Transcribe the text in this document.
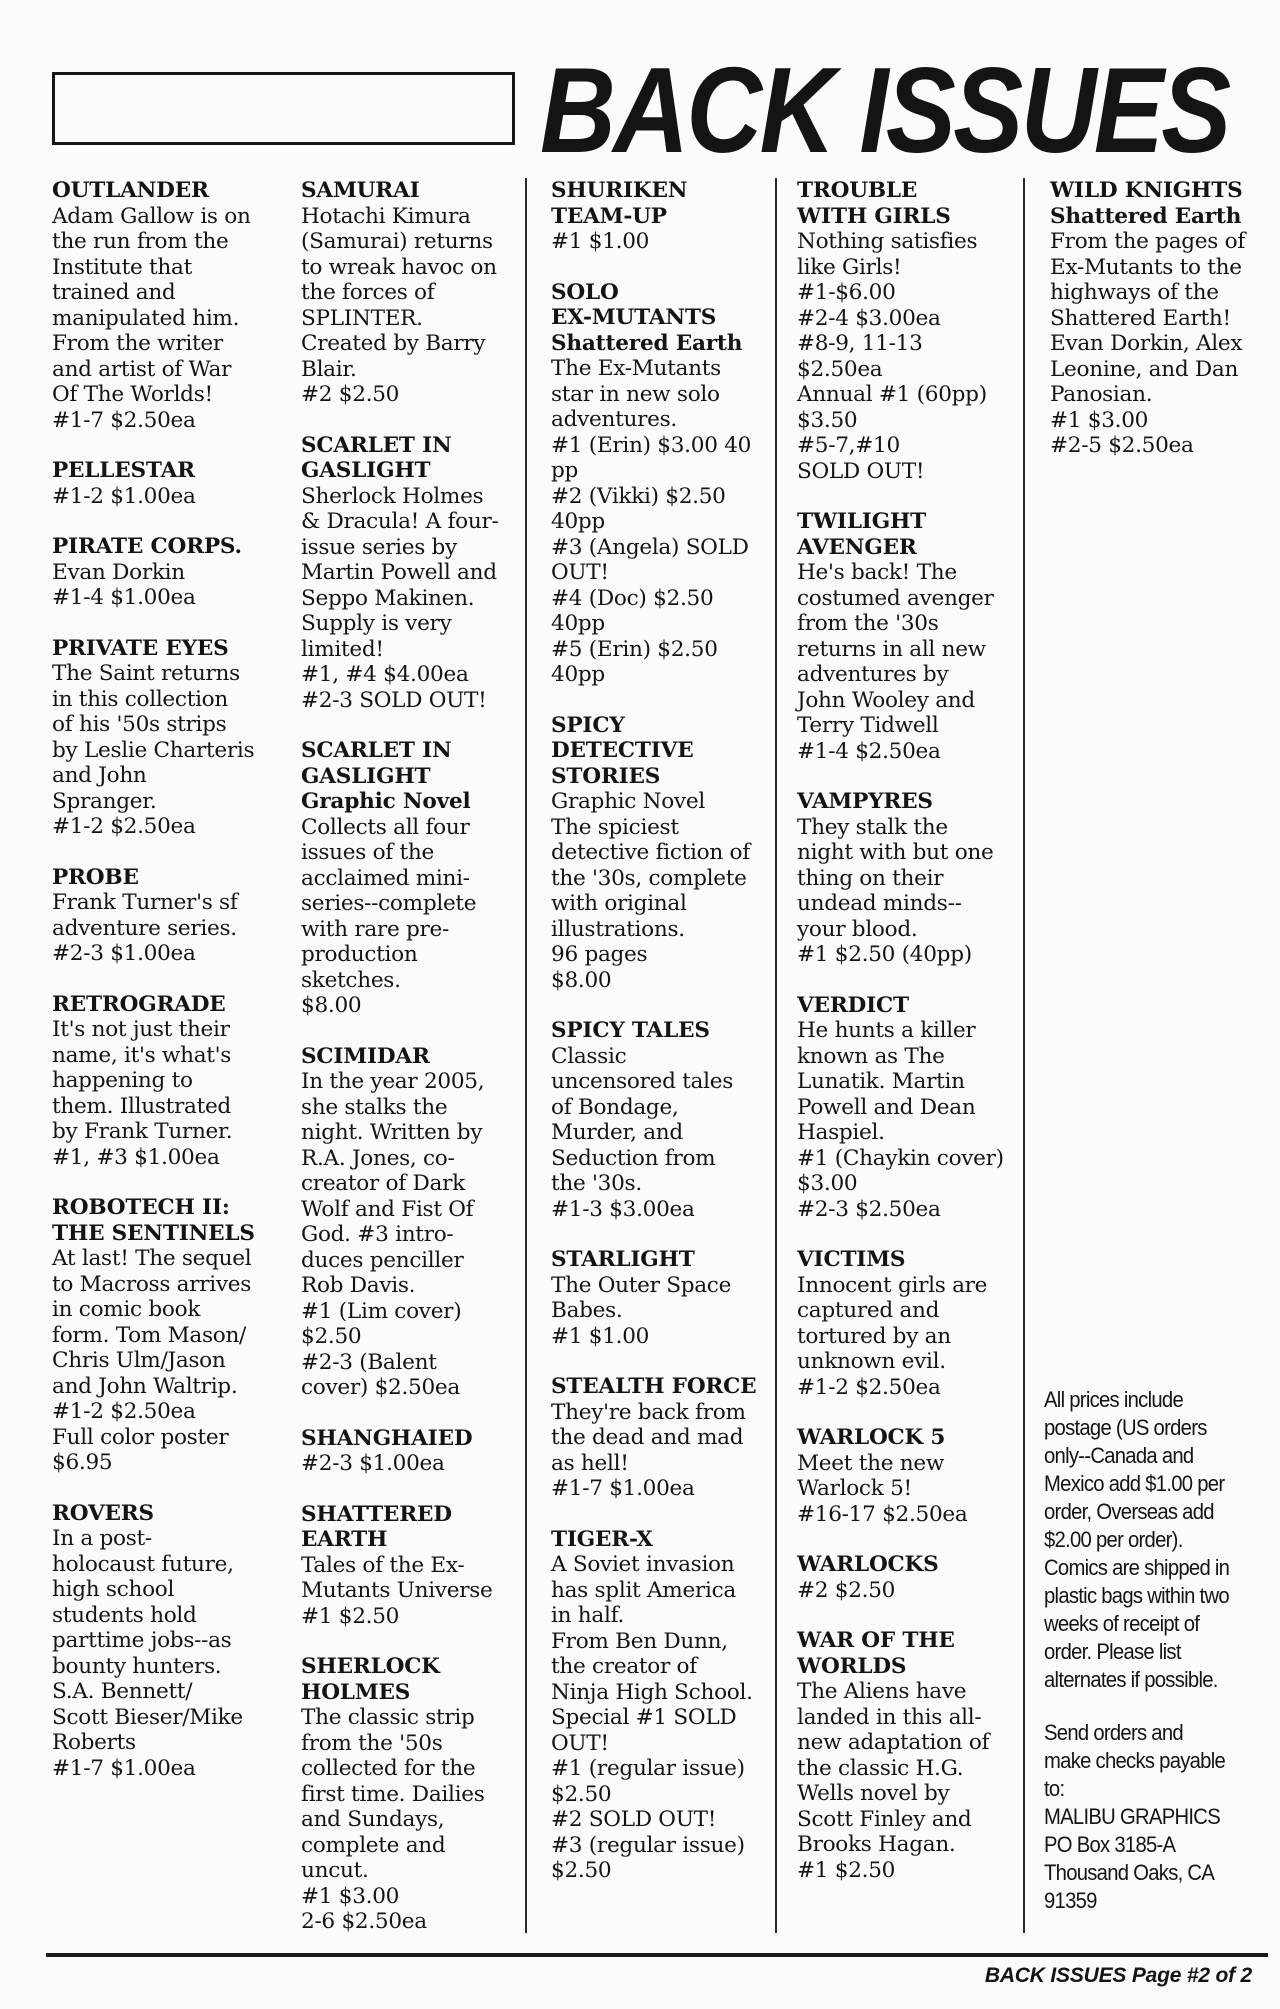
BACK ISSUES
OUTLANDER
Adam Gallow is on
the run from the
Institute that
trained and
manipulated him.
From the writer
and artist of War
Of The Worlds!
#1-7 $2.50ea
PELLESTAR
#1-2 $1.00ea
PIRATE CORPS.
Evan Dorkin
#1-4 $1.00ea
PRIVATE EYES
The Saint returns
in this collection
of his '50s strips
by Leslie Charteris
and John
Spranger.
#1-2 $2.50ea
PROBE
Frank Turner's sf
adventure series.
#2-3 $1.00ea
RETROGRADE
It's not just their
name, it's what's
happening to
them. Illustrated
by Frank Turner.
#1, #3 $1.00ea
ROBOTECH II:
THE SENTINELS
At last! The sequel
to Macross arrives
in comic book
form. Tom Mason/
Chris Ulm/Jason
and John Waltrip.
#1-2 $2.50ea
Full color poster
$6.95
ROVERS
In a post-
holocaust future,
high school
students hold
parttime jobs--as
bounty hunters.
S.A. Bennett/
Scott Bieser/Mike
Roberts
#1-7 $1.00ea
SAMURAI
Hotachi Kimura
(Samurai) returns
to wreak havoc on
the forces of
SPLINTER.
Created by Barry
Blair.
#2 $2.50
SCARLET IN
GASLIGHT
Sherlock Holmes
& Dracula! A four-
issue series by
Martin Powell and
Seppo Makinen.
Supply is very
limited!
#1, #4 $4.00ea
#2-3 SOLD OUT!
SCARLET IN
GASLIGHT
Graphic Novel
Collects all four
issues of the
acclaimed mini-
series--complete
with rare pre-
production
sketches.
$8.00
SCIMIDAR
In the year 2005,
she stalks the
night. Written by
R.A. Jones, co-
creator of Dark
Wolf and Fist Of
God. #3 intro-
duces penciller
Rob Davis.
#1 (Lim cover)
$2.50
#2-3 (Balent
cover) $2.50ea
SHANGHAIED
#2-3 $1.00ea
SHATTERED
EARTH
Tales of the Ex-
Mutants Universe
#1 $2.50
SHERLOCK
HOLMES
The classic strip
from the '50s
collected for the
first time. Dailies
and Sundays,
complete and
uncut.
#1 $3.00
2-6 $2.50ea
SHURIKEN
TEAM-UP
#1 $1.00
SOLO
EX-MUTANTS
Shattered Earth
The Ex-Mutants
star in new solo
adventures.
#1 (Erin) $3.00 40
pp
#2 (Vikki) $2.50
40pp
#3 (Angela) SOLD
OUT!
#4 (Doc) $2.50
40pp
#5 (Erin) $2.50
40pp
SPICY
DETECTIVE
STORIES
Graphic Novel
The spiciest
detective fiction of
the '30s, complete
with original
illustrations.
96 pages
$8.00
SPICY TALES
Classic
uncensored tales
of Bondage,
Murder, and
Seduction from
the '30s.
#1-3 $3.00ea
STARLIGHT
The Outer Space
Babes.
#1 $1.00
STEALTH FORCE
They're back from
the dead and mad
as hell!
#1-7 $1.00ea
TIGER-X
A Soviet invasion
has split America
in half.
From Ben Dunn,
the creator of
Ninja High School.
Special #1 SOLD
OUT!
#1 (regular issue)
$2.50
#2 SOLD OUT!
#3 (regular issue)
$2.50
TROUBLE
WITH GIRLS
Nothing satisfies
like Girls!
#1-$6.00
#2-4 $3.00ea
#8-9, 11-13
$2.50ea
Annual #1 (60pp)
$3.50
#5-7,#10
SOLD OUT!
TWILIGHT
AVENGER
He's back! The
costumed avenger
from the '30s
returns in all new
adventures by
John Wooley and
Terry Tidwell
#1-4 $2.50ea
VAMPYRES
They stalk the
night with but one
thing on their
undead minds--
your blood.
#1 $2.50 (40pp)
VERDICT
He hunts a killer
known as The
Lunatik. Martin
Powell and Dean
Haspiel.
#1 (Chaykin cover)
$3.00
#2-3 $2.50ea
VICTIMS
Innocent girls are
captured and
tortured by an
unknown evil.
#1-2 $2.50ea
WARLOCK 5
Meet the new
Warlock 5!
#16-17 $2.50ea
WARLOCKS
#2 $2.50
WAR OF THE
WORLDS
The Aliens have
landed in this all-
new adaptation of
the classic H.G.
Wells novel by
Scott Finley and
Brooks Hagan.
#1 $2.50
WILD KNIGHTS
Shattered Earth
From the pages of
Ex-Mutants to the
highways of the
Shattered Earth!
Evan Dorkin, Alex
Leonine, and Dan
Panosian.
#1 $3.00
#2-5 $2.50ea

All prices include
postage (US orders
only--Canada and
Mexico add $1.00 per
order, Overseas add
$2.00 per order).
Comics are shipped in
plastic bags within two
weeks of receipt of
order. Please list
alternates if possible.

Send orders and
make checks payable
to:
MALIBU GRAPHICS
PO Box 3185-A
Thousand Oaks, CA
91359

BACK ISSUES Page #2 of 2
